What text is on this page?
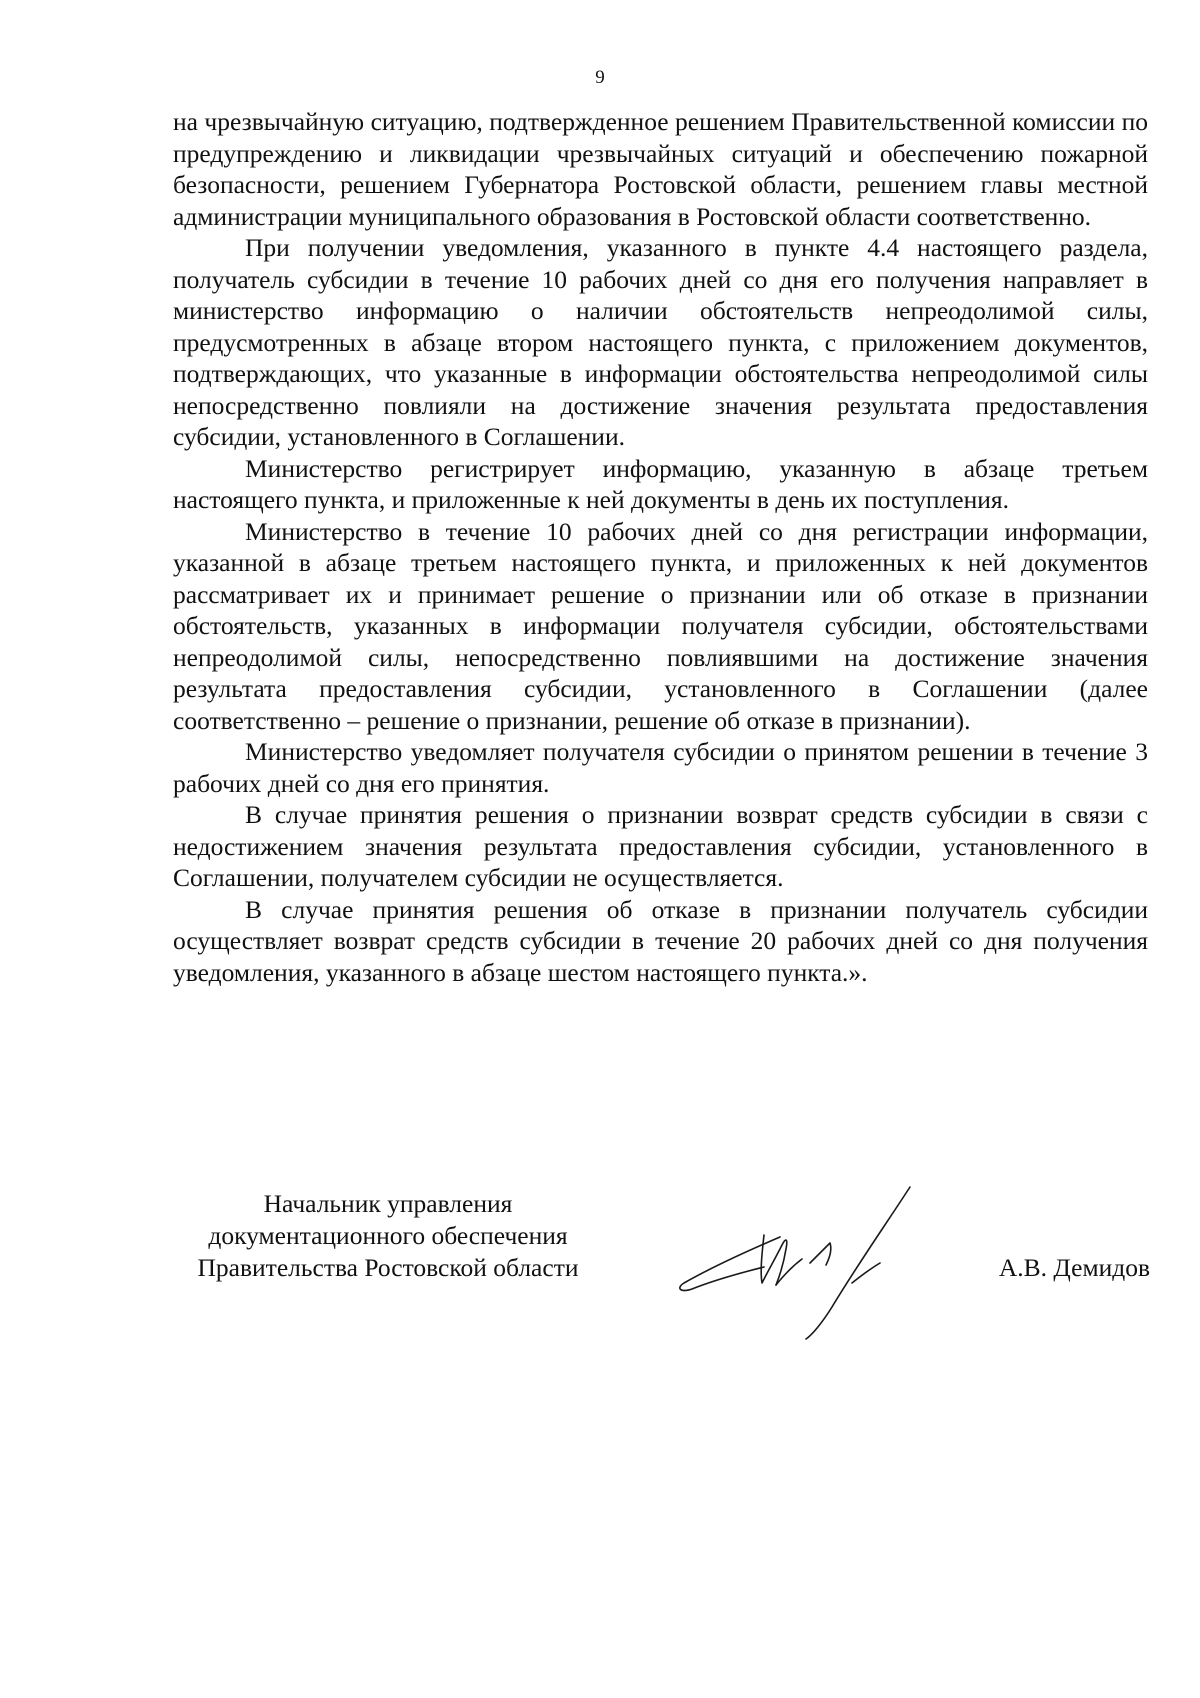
9

на чрезвычайную ситуацию, подтвержденное решением Правительственной комиссии по предупреждению и ликвидации чрезвычайных ситуаций и обеспечению пожарной безопасности, решением Губернатора Ростовской области, решением главы местной администрации муниципального образования в Ростовской области соответственно.

При получении уведомления, указанного в пункте 4.4 настоящего раздела, получатель субсидии в течение 10 рабочих дней со дня его получения направляет в министерство информацию о наличии обстоятельств непреодолимой силы, предусмотренных в абзаце втором настоящего пункта, с приложением документов, подтверждающих, что указанные в информации обстоятельства непреодолимой силы непосредственно повлияли на достижение значения результата предоставления субсидии, установленного в Соглашении.

Министерство регистрирует информацию, указанную в абзаце третьем настоящего пункта, и приложенные к ней документы в день их поступления.

Министерство в течение 10 рабочих дней со дня регистрации информации, указанной в абзаце третьем настоящего пункта, и приложенных к ней документов рассматривает их и принимает решение о признании или об отказе в признании обстоятельств, указанных в информации получателя субсидии, обстоятельствами непреодолимой силы, непосредственно повлиявшими на достижение значения результата предоставления субсидии, установленного в Соглашении (далее соответственно – решение о признании, решение об отказе в признании).

Министерство уведомляет получателя субсидии о принятом решении в течение 3 рабочих дней со дня его принятия.

В случае принятия решения о признании возврат средств субсидии в связи с недостижением значения результата предоставления субсидии, установленного в Соглашении, получателем субсидии не осуществляется.

В случае принятия решения об отказе в признании получатель субсидии осуществляет возврат средств субсидии в течение 20 рабочих дней со дня получения уведомления, указанного в абзаце шестом настоящего пункта.».

Начальник управления
документационного обеспечения
Правительства Ростовской области	А.В. Демидов
